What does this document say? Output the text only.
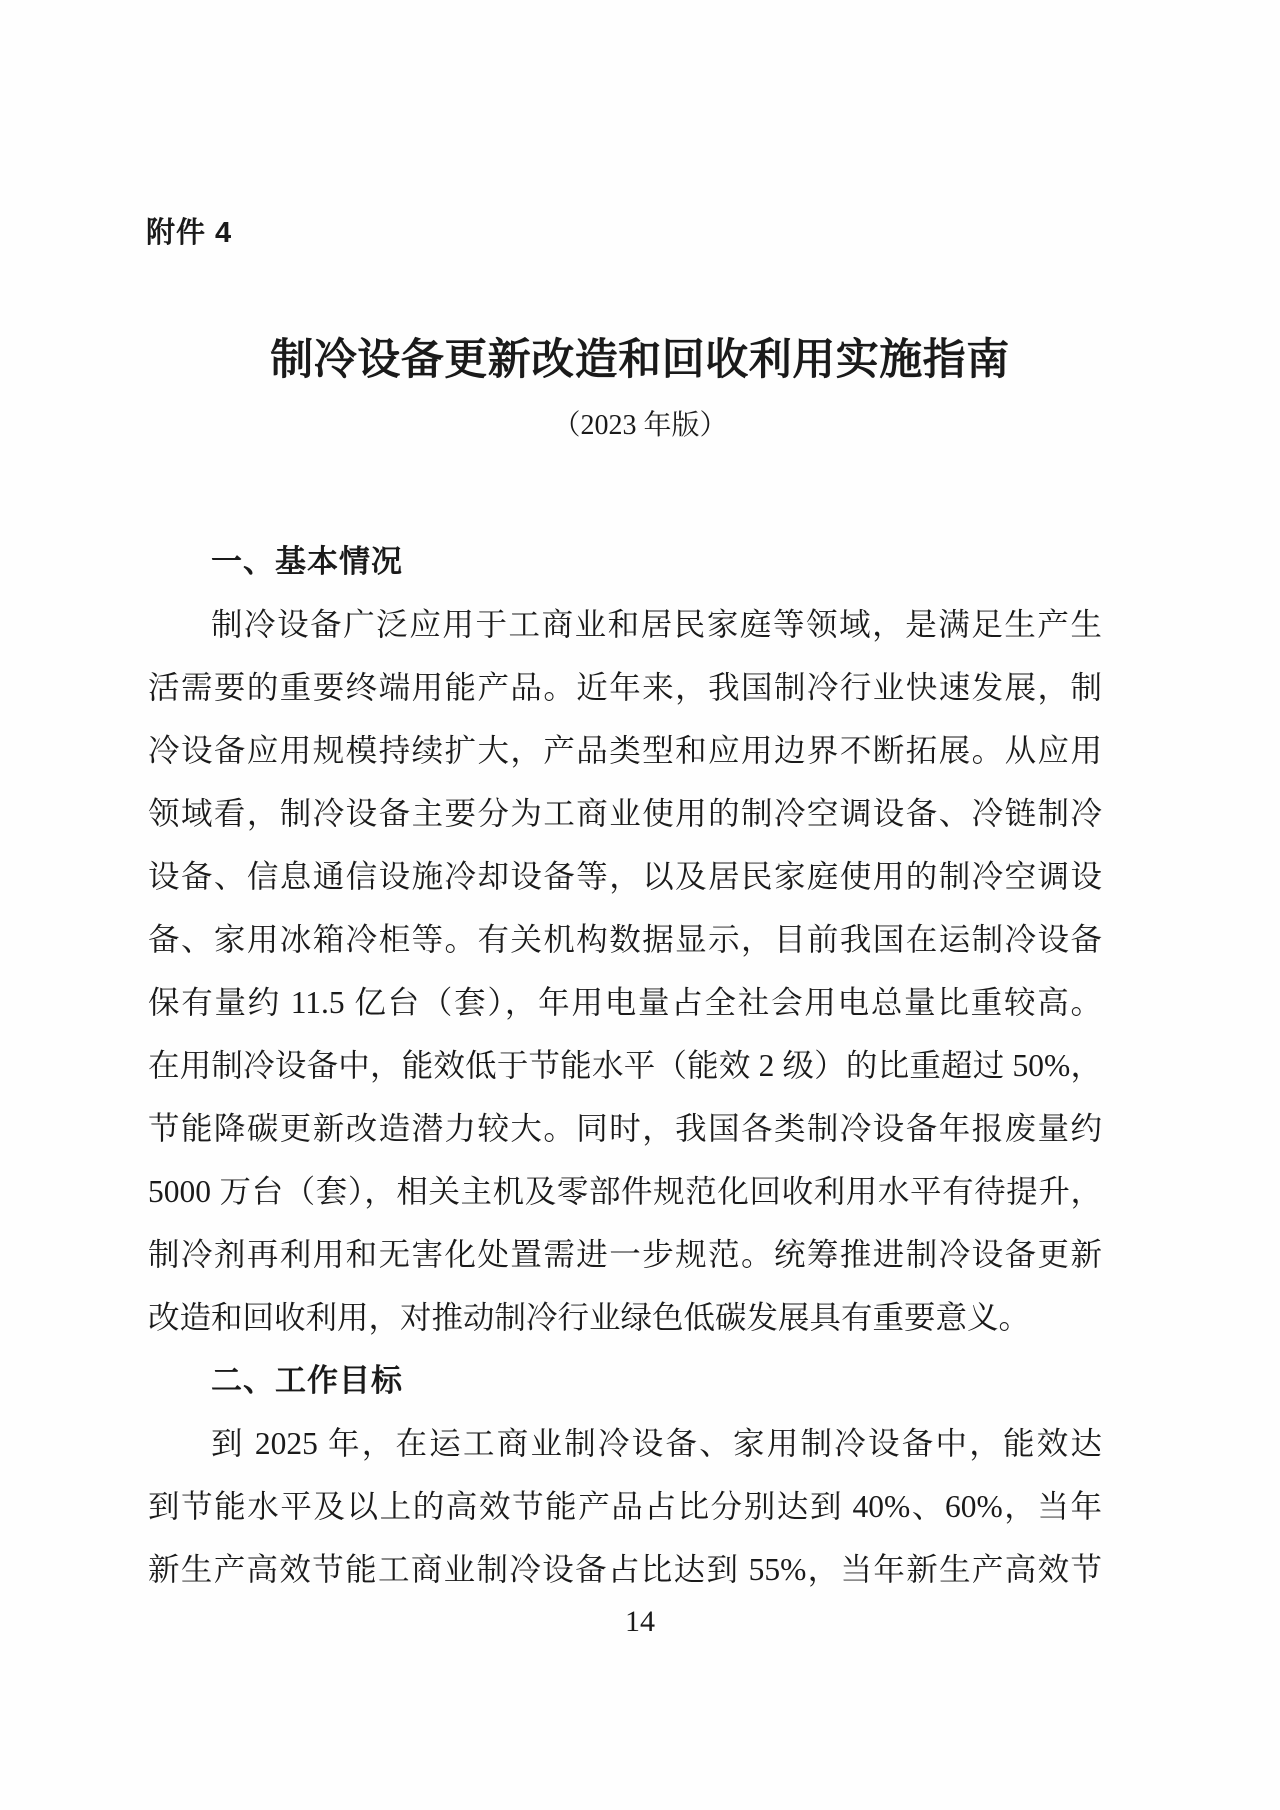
附件 4
制冷设备更新改造和回收利用实施指南
（2023 年版）
一、基本情况
制冷设备广泛应用于工商业和居民家庭等领域，是满足生产生
活需要的重要终端用能产品。近年来，我国制冷行业快速发展，制
冷设备应用规模持续扩大，产品类型和应用边界不断拓展。从应用
领域看，制冷设备主要分为工商业使用的制冷空调设备、冷链制冷
设备、信息通信设施冷却设备等，以及居民家庭使用的制冷空调设
备、家用冰箱冷柜等。有关机构数据显示，目前我国在运制冷设备
保有量约 11.5 亿台（套），年用电量占全社会用电总量比重较高。
在用制冷设备中，能效低于节能水平（能效 2 级）的比重超过 50%，
节能降碳更新改造潜力较大。同时，我国各类制冷设备年报废量约
5000 万台（套），相关主机及零部件规范化回收利用水平有待提升，
制冷剂再利用和无害化处置需进一步规范。统筹推进制冷设备更新
改造和回收利用，对推动制冷行业绿色低碳发展具有重要意义。
二、工作目标
到 2025 年，在运工商业制冷设备、家用制冷设备中，能效达
到节能水平及以上的高效节能产品占比分别达到 40%、60%，当年
新生产高效节能工商业制冷设备占比达到 55%，当年新生产高效节
14
